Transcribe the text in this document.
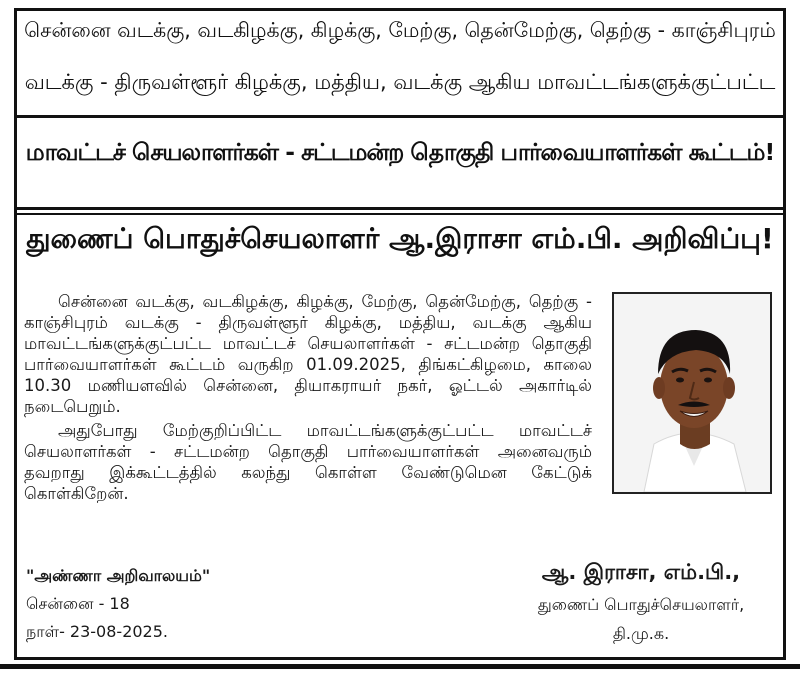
சென்னை வடக்கு, வடகிழக்கு, கிழக்கு, மேற்கு, தென்மேற்கு, தெற்கு - காஞ்சிபுரம்
வடக்கு - திருவள்ளூர் கிழக்கு, மத்திய, வடக்கு ஆகிய மாவட்டங்களுக்குட்பட்ட
மாவட்டச் செயலாளர்கள் - சட்டமன்ற தொகுதி பார்வையாளர்கள் கூட்டம்!
துணைப் பொதுச்செயலாளர் ஆ.இராசா எம்.பி. அறிவிப்பு!

சென்னை வடக்கு, வடகிழக்கு, கிழக்கு, மேற்கு, தென்மேற்கு, தெற்கு - காஞ்சிபுரம் வடக்கு - திருவள்ளூர் கிழக்கு, மத்திய, வடக்கு ஆகிய மாவட்டங்களுக்குட்பட்ட மாவட்டச் செயலாளர்கள் - சட்டமன்ற தொகுதி பார்வையாளர்கள் கூட்டம் வருகிற 01.09.2025, திங்கட்கிழமை, காலை 10.30 மணியளவில் சென்னை, தியாகராயர் நகர், ஓட்டல் அகார்டில் நடைபெறும்.

அதுபோது மேற்குறிப்பிட்ட மாவட்டங்களுக்குட்பட்ட மாவட்டச் செயலாளர்கள் - சட்டமன்ற தொகுதி பார்வையாளர்கள் அனைவரும் தவறாது இக்கூட்டத்தில் கலந்து கொள்ள வேண்டுமென கேட்டுக் கொள்கிறேன்.

"அண்ணா அறிவாலயம்"
சென்னை - 18
நாள்- 23-08-2025.
ஆ. இராசா, எம்.பி.,
துணைப் பொதுச்செயலாளர்,
தி.மு.க.
